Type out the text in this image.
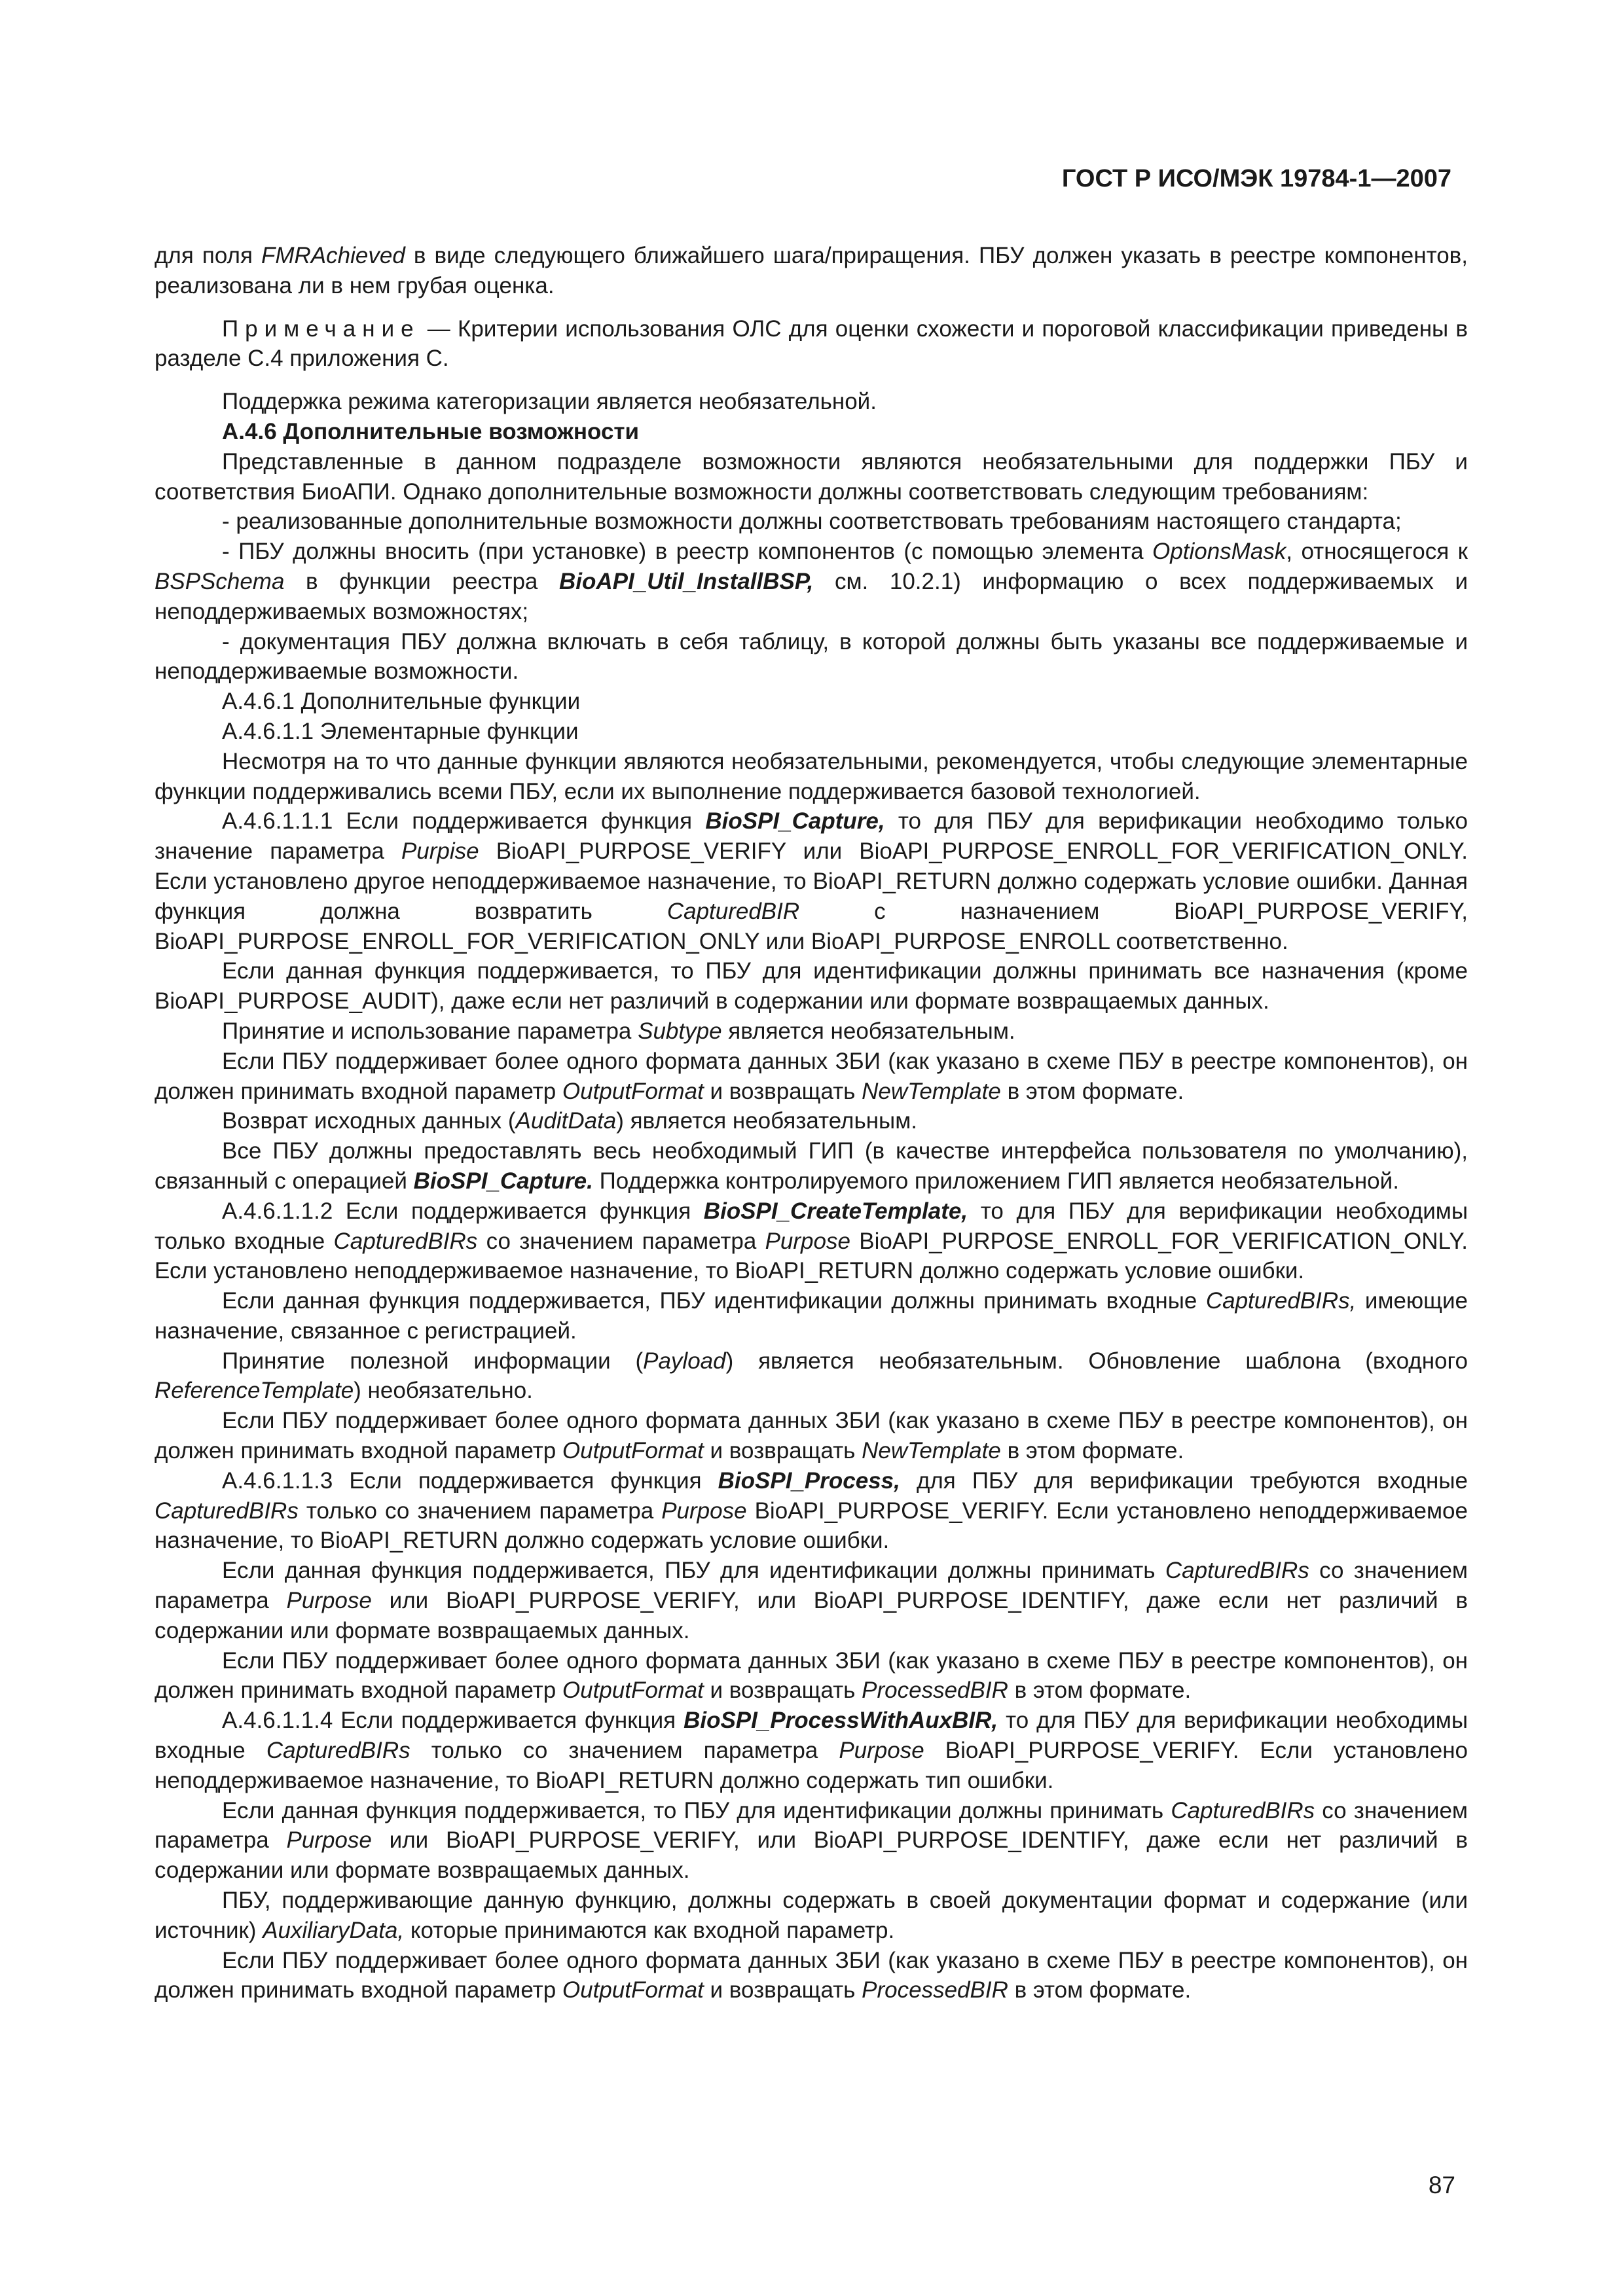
ГОСТ Р ИСО/МЭК 19784-1—2007

для поля FMRAchieved в виде следующего ближайшего шага/приращения. ПБУ должен указать в реестре компонентов, реализована ли в нем грубая оценка.

Примечание — Критерии использования ОЛС для оценки схожести и пороговой классификации приведены в разделе С.4 приложения С.

Поддержка режима категоризации является необязательной.

A.4.6 Дополнительные возможности

Представленные в данном подразделе возможности являются необязательными для поддержки ПБУ и соответствия БиоАПИ. Однако дополнительные возможности должны соответствовать следующим требованиям:

- реализованные дополнительные возможности должны соответствовать требованиям настоящего стандарта;

- ПБУ должны вносить (при установке) в реестр компонентов (с помощью элемента OptionsMask, относящегося к BSPSchema в функции реестра BioAPI_Util_InstallBSP, см. 10.2.1) информацию о всех поддерживаемых и неподдерживаемых возможностях;

- документация ПБУ должна включать в себя таблицу, в которой должны быть указаны все поддерживаемые и неподдерживаемые возможности.

A.4.6.1 Дополнительные функции

A.4.6.1.1 Элементарные функции

Несмотря на то что данные функции являются необязательными, рекомендуется, чтобы следующие элементарные функции поддерживались всеми ПБУ, если их выполнение поддерживается базовой технологией.

A.4.6.1.1.1 Если поддерживается функция BioSPI_Capture, то для ПБУ для верификации необходимо только значение параметра Purpise BioAPI_PURPOSE_VERIFY или BioAPI_PURPOSE_ENROLL_FOR_VERIFICATION_ONLY. Если установлено другое неподдерживаемое назначение, то BioAPI_RETURN должно содержать условие ошибки. Данная функция должна возвратить CapturedBIR с назначением BioAPI_PURPOSE_VERIFY, BioAPI_PURPOSE_ENROLL_FOR_VERIFICATION_ONLY или BioAPI_PURPOSE_ENROLL соответственно.

Если данная функция поддерживается, то ПБУ для идентификации должны принимать все назначения (кроме BioAPI_PURPOSE_AUDIT), даже если нет различий в содержании или формате возвращаемых данных.

Принятие и использование параметра Subtype является необязательным.

Если ПБУ поддерживает более одного формата данных ЗБИ (как указано в схеме ПБУ в реестре компонентов), он должен принимать входной параметр OutputFormat и возвращать NewTemplate в этом формате.

Возврат исходных данных (AuditData) является необязательным.

Все ПБУ должны предоставлять весь необходимый ГИП (в качестве интерфейса пользователя по умолчанию), связанный с операцией BioSPI_Capture. Поддержка контролируемого приложением ГИП является необязательной.

A.4.6.1.1.2 Если поддерживается функция BioSPI_CreateTemplate, то для ПБУ для верификации необходимы только входные CapturedBIRs со значением параметра Purpose BioAPI_PURPOSE_ENROLL_FOR_VERIFICATION_ONLY. Если установлено неподдерживаемое назначение, то BioAPI_RETURN должно содержать условие ошибки.

Если данная функция поддерживается, ПБУ идентификации должны принимать входные CapturedBIRs, имеющие назначение, связанное с регистрацией.

Принятие полезной информации (Payload) является необязательным. Обновление шаблона (входного ReferenceTemplate) необязательно.

Если ПБУ поддерживает более одного формата данных ЗБИ (как указано в схеме ПБУ в реестре компонентов), он должен принимать входной параметр OutputFormat и возвращать NewTemplate в этом формате.

A.4.6.1.1.3 Если поддерживается функция BioSPI_Process, для ПБУ для верификации требуются входные CapturedBIRs только со значением параметра Purpose BioAPI_PURPOSE_VERIFY. Если установлено неподдерживаемое назначение, то BioAPI_RETURN должно содержать условие ошибки.

Если данная функция поддерживается, ПБУ для идентификации должны принимать CapturedBIRs со значением параметра Purpose или BioAPI_PURPOSE_VERIFY, или BioAPI_PURPOSE_IDENTIFY, даже если нет различий в содержании или формате возвращаемых данных.

Если ПБУ поддерживает более одного формата данных ЗБИ (как указано в схеме ПБУ в реестре компонентов), он должен принимать входной параметр OutputFormat и возвращать ProcessedBIR в этом формате.

A.4.6.1.1.4 Если поддерживается функция BioSPI_ProcessWithAuxBIR, то для ПБУ для верификации необходимы входные CapturedBIRs только со значением параметра Purpose BioAPI_PURPOSE_VERIFY. Если установлено неподдерживаемое назначение, то BioAPI_RETURN должно содержать тип ошибки.

Если данная функция поддерживается, то ПБУ для идентификации должны принимать CapturedBIRs со значением параметра Purpose или BioAPI_PURPOSE_VERIFY, или BioAPI_PURPOSE_IDENTIFY, даже если нет различий в содержании или формате возвращаемых данных.

ПБУ, поддерживающие данную функцию, должны содержать в своей документации формат и содержание (или источник) AuxiliaryData, которые принимаются как входной параметр.

Если ПБУ поддерживает более одного формата данных ЗБИ (как указано в схеме ПБУ в реестре компонентов), он должен принимать входной параметр OutputFormat и возвращать ProcessedBIR в этом формате.

87
